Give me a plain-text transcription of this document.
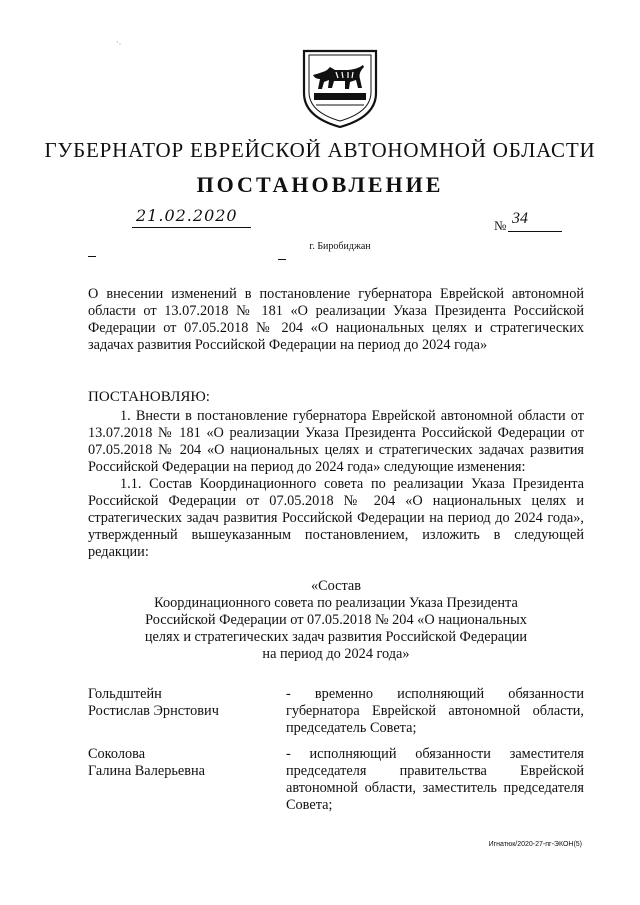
`·
ГУБЕРНАТОР ЕВРЕЙСКОЙ АВТОНОМНОЙ ОБЛАСТИ
ПОСТАНОВЛЕНИЕ
21.02.2020
№ 34
г. Биробиджан
О внесении изменений в постановление губернатора Еврейской автономной области от 13.07.2018 № 181 «О реализации Указа Президента Российской Федерации от 07.05.2018 № 204 «О национальных целях и стратегических задачах развития Российской Федерации на период до 2024 года»
ПОСТАНОВЛЯЮ:

1. Внести в постановление губернатора Еврейской автономной области от 13.07.2018 № 181 «О реализации Указа Президента Российской Федерации от 07.05.2018 № 204 «О национальных целях и стратегических задачах развития Российской Федерации на период до 2024 года» следующие изменения:

1.1. Состав Координационного совета по реализации Указа Президента Российской Федерации от 07.05.2018 № 204 «О национальных целях и стратегических задач развития Российской Федерации на период до 2024 года», утвержденный вышеуказанным постановлением, изложить в следующей редакции:

«Состав
Координационного совета по реализации Указа Президента
Российской Федерации от 07.05.2018 № 204 «О национальных
целях и стратегических задач развития Российской Федерации
на период до 2024 года»
Гольдштейн
Ростислав Эрнстович
- временно исполняющий обязанности губернатора Еврейской автономной области, председатель Совета;
Соколова
Галина Валерьевна
- исполняющий обязанности заместителя председателя правительства Еврейской автономной области, заместитель председателя Совета;
Игнатюк/2020-27-пг-ЭКОН(5)
